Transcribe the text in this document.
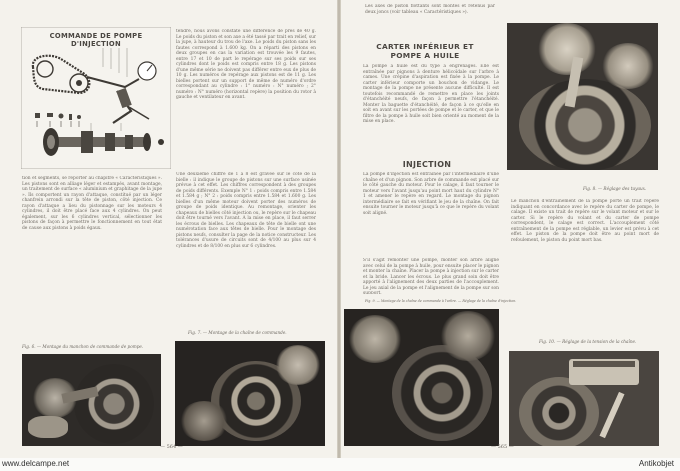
COMMANDE DE POMPE D'INJECTION
tendre, nous avons constaté une différence de près de 40 g. Le poids du piston et son axe a été tassé par trait en relief, sur la jupe, à hauteur du trou de l'axe. Le poids du piston sans les fautes correspond à 1.600 kg. On a réparti des pistons en deux groupes en cas la variation est trouvée les 9 fautes, entre 17 et 10 de part le repérage sur ses poids sur ses cylindres dont le poids est compris entre 18 g. Les pistons d'une même série ne doivent pas différer entre eux de plus de 10 g. Les numéros de repérage aux pistons est de 11 g. Les bielles portent sur un support de même de numéro d'ordre correspondant au cylindre : 1° numéro : N° numéro ; 2° numéro : N° numéro (horizontal repère) la position du rotor à gauche et ventilateur en avant.
tion et segments, se reporter au chapitre « Caractéristiques ». Les pistons sont en alliage léger et estampés, avant montage, un traitement de surface « aluminium et graphitage de la jupe ». Ils comportent un rayon d'attaque, constitué par un léger chanfrein arrondi sur la tête de piston, côté injection. Ce rayon d'attaque a lieu du pistonnage sur les moteurs 4 cylindres, il doit être placé face aux 4 cylindres. On peut également, sur les 6 cylindres vertical, sélectionner les pistons de façon à permettre le fonctionnement en tout état de cause aux pistons à poids égaux.
Une deuxième chiffre de 1 à 8 est gravée sur le côté de la bielle : il indique le groupe de pistons sur une surface usinée prévue à cet effet. Les chiffres correspondent à des groupes de poids différents. Exemple N° 1 : poids compris entre 1.584 et 1.584 g ; N° 2 : poids compris entre 1.584 et 1.600 g. Les bielles d'un même moteur doivent porter des numéros de groupe de poids identique. Au remontage, orienter les chapeaux de bielles côté injection ou, le repère sur le chapeau doit être tourné vers l'avant. A la mise en place, il faut serrer les écrous de bielles. Les chapeaux de tête de bielle ont une numérotation face aux têtes de bielle. Pour le montage des pistons neufs, consulter la page de la notice constructeur. Les tolérances d'usure de circuits sont de 4/100 au plus sur 4 cylindres et de 8/100 en plus sur 6 cylindres.
Fig. 6. — Montage du manchon de commande de pompe.
Fig. 7. — Montage de la chaîne de commande.
— 564 —
Les axes de piston flottants sont montés et retenus par deux joncs (voir tableau « Caractéristiques »).
CARTER INFÉRIEUR ET POMPE A HUILE
La pompe à huile est du type à engrenages. Elle est entraînée par pignons à denture hélicoïdale sur l'arbre à cames. Une crépine d'aspiration est fixée à la pompe. Le carter inférieur comporte un bouchon de vidange. Le montage de la pompe ne présente aucune difficulté. Il est toutefois recommandé de remettre en place les joints d'étanchéité neufs, de façon à permettre l'étanchéité. Monter la baguette d'étanchéité, de façon à ce qu'elle en soit en avant sur les portées de pompe et le carter, et que le filtre de la pompe à huile soit bien orienté au moment de la mise en place.
INJECTION
La pompe d'injection est entraînée par l'intermédiaire d'une chaîne et d'un pignon. Son arbre de commande est placé sur le côté gauche du moteur. Pour le calage, il faut tourner le moteur vers l'avant jusqu'au point mort haut du cylindre N° 1 et amener le repère en regard. Le montage du pignon intermédiaire se fait en vérifiant le jeu de la chaîne. On fait ensuite tourner le moteur jusqu'à ce que le repère du volant soit aligné.
S'il s'agit remonter une pompe, monter son arbre aligné avec celui de la pompe à huile, pour ensuite placer le pignon et monter la chaîne. Placer la pompe à injection sur le carter et la bride. Lancer les écrous. Le plus grand soin doit être apporté à l'alignement des deux parties de l'accouplement. Le jeu axial de la pompe et l'alignement de la pompe sur son support.
Fig. 9. — Montage de la chaîne de commande à l'arbre. — Réglage de la chaîne d'injection.
Fig. 8. — Réglage des tuyaux.
Le manchon d'entraînement de la pompe porte un trait repère indiquant en concordance avec le repère du carter de pompe, le calage. Il existe un trait de repère sur le volant moteur et sur le carter. Si le repère du volant et du carter de pompe correspondent, le calage est correct. L'accouplement côté entraînement de la pompe est réglable, un levier est prévu à cet effet. Le piston de la pompe doit être au point mort de refoulement, le piston du point mort bas.
Fig. 10. — Réglage de la tension de la chaîne.
— 565 —
www.delcampe.net	Antikobjet
